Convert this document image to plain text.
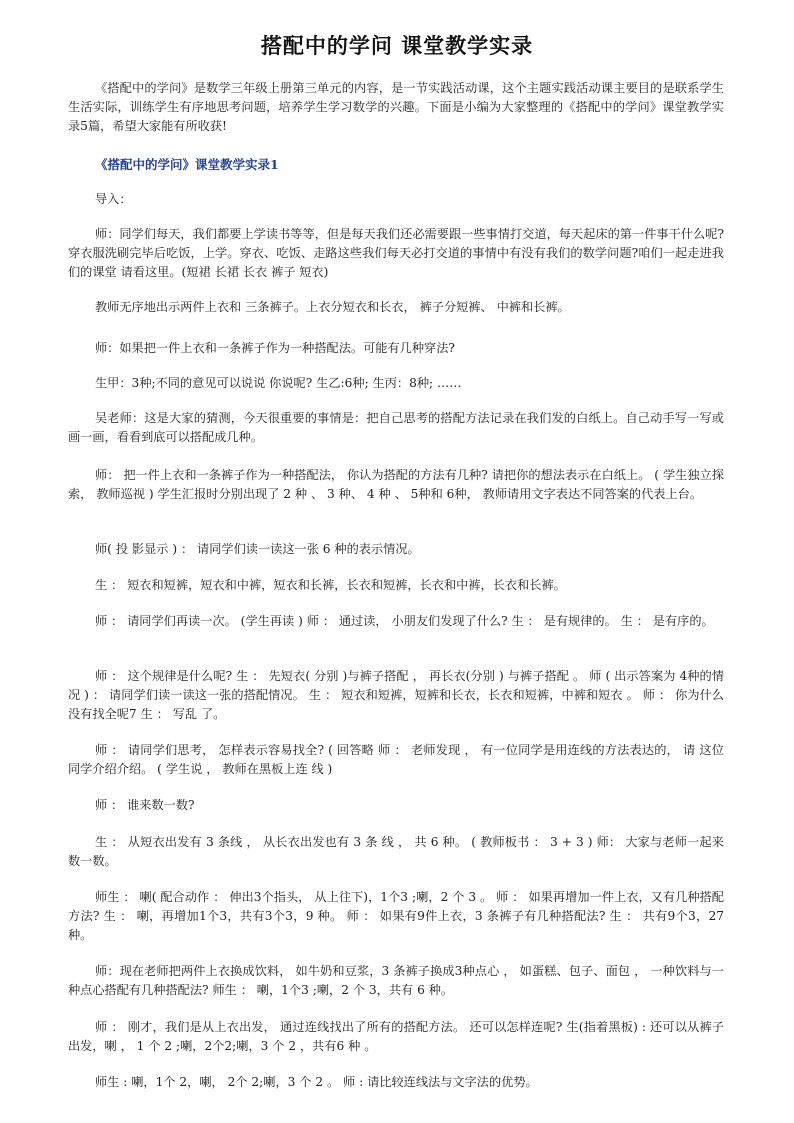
搭配中的学问 课堂教学实录

《搭配中的学问》是数学三年级上册第三单元的内容，是一节实践活动课，这个主题实践活动课主要目的是联系学生生活实际，训练学生有序地思考问题，培养学生学习数学的兴趣。下面是小编为大家整理的《搭配中的学问》课堂教学实录5篇，希望大家能有所收获!

《搭配中的学问》课堂教学实录1

导入：

师：同学们每天，我们都要上学读书等等，但是每天我们还必需要跟一些事情打交道，每天起床的第一件事干什么呢?穿衣服洗刷完毕后吃饭，上学。穿衣、吃饭、走路这些我们每天必打交道的事情中有没有我们的数学问题?咱们一起走进我们的课堂 请看这里。(短裙 长裙 长衣 裤子 短衣)

教师无序地出示两件上衣和 三条裤子。上衣分短衣和长衣， 裤子分短裤、 中裤和长裤。

师：如果把一件上衣和一条裤子作为一种搭配法。可能有几种穿法?

生甲：3种;不同的意见可以说说 你说呢? 生乙:6种; 生丙：8种; ……

吴老师：这是大家的猜测，今天很重要的事情是：把自己思考的搭配方法记录在我们发的白纸上。自己动手写一写或画一画，看看到底可以搭配成几种。

师： 把一件上衣和一条裤子作为一种搭配法， 你认为搭配的方法有几种? 请把你的想法表示在白纸上。 ( 学生独立探索， 教师巡视 ) 学生汇报时分别出现了 2 种 、 3 种、 4 种 、 5种和 6种， 教师请用文字表达不同答案的代表上台。

师( 投 影显示 ) ： 请同学们读一读这一张 6 种的表示情况。

生 ： 短衣和短裤，短衣和中裤，短衣和长裤，长衣和短裤，长衣和中裤，长衣和长裤。

师 ： 请同学们再读一次。 (学生再读 ) 师 ： 通过读， 小朋友们发现了什么? 生 ： 是有规律的。 生 ： 是有序的。

师 ： 这个规律是什么呢? 生 ： 先短衣( 分别 )与裤子搭配 ， 再长衣(分别 ) 与裤子搭配 。 师 ( 出示答案为 4种的情况 ) ： 请同学们读一读这一张的搭配情况。 生 ： 短衣和短裤，短裤和长衣，长衣和短裤，中裤和短衣 。 师 ： 你为什么没有找全呢7 生 ： 写乱 了。

师 ： 请同学们思考， 怎样表示容易找全? ( 回答略 师 ： 老师发现 ， 有一位同学是用连线的方法表达的， 请 这位同学介绍介绍。 ( 学生说 ， 教师在黑板上连 线 )

师 ： 谁来数一数?

生 ： 从短衣出发有 3 条线 ， 从长衣出发也有 3 条 线 ， 共 6 种。 ( 教师板书 ： 3 + 3 ) 师： 大家与老师一起来数一数。

师生 ： 喇( 配合动作 ： 伸出3个指头， 从上往下)，1个3 ;喇，2 个 3 。 师 ： 如果再增加一件上衣，又有几种搭配方法? 生 ： 喇，再增加1个3，共有3个3，9 种。 师 ： 如果有9件上衣，3 条裤子有几种搭配法? 生 ： 共有9个3，27 种。

师：现在老师把两件上衣换成饮料， 如牛奶和豆浆，3 条裤子换成3种点心 ， 如蛋糕、包子、面包 ， 一种饮料与一种点心搭配有几种搭配法? 师生 ： 喇，1个3 ;喇，2 个 3，共有 6 种。

师 ： 刚才，我们是从上衣出发， 通过连线找出了所有的搭配方法。 还可以怎样连呢? 生(指着黑板) : 还可以从裤子出发，喇 ， 1 个 2 ;喇，2个2;喇，3 个 2 ，共有6 种 。

师生 : 喇，1个 2，喇， 2个 2;喇，3 个 2 。 师 : 请比较连线法与文字法的优势。
